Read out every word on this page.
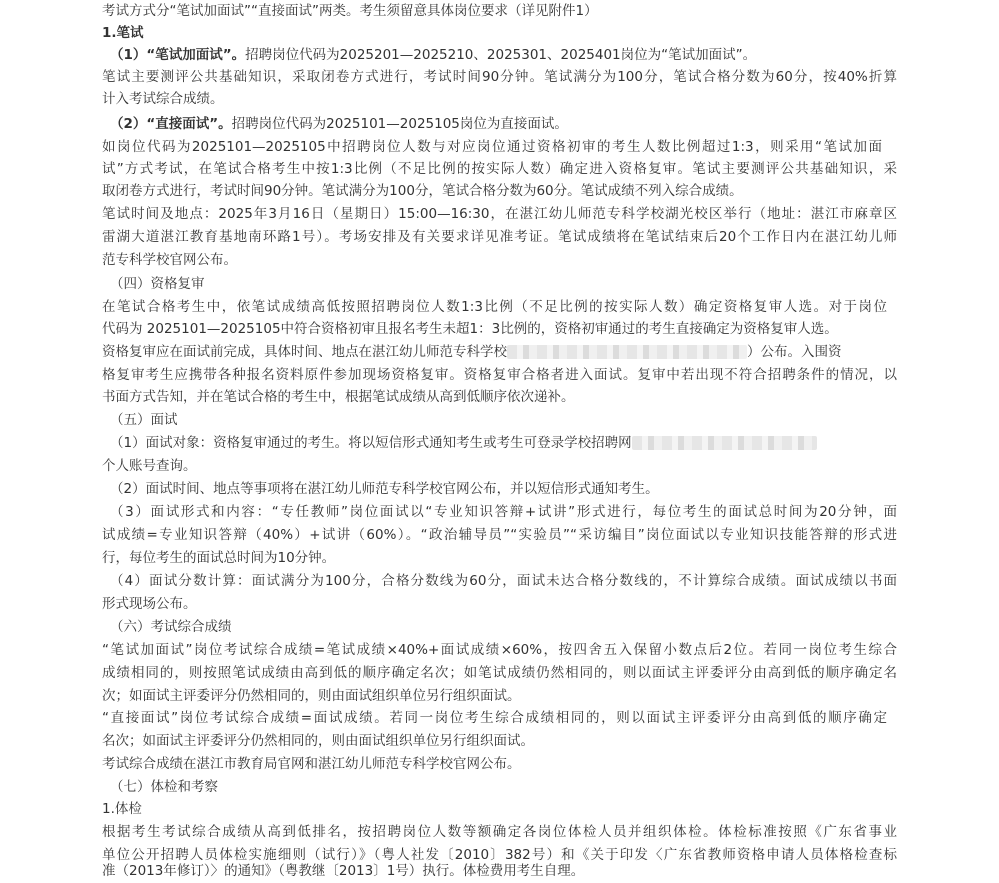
考试方式分“笔试加面试”“直接面试”两类。考生须留意具体岗位要求（详见附件1）
1.笔试
（1）“笔试加面试”。招聘岗位代码为2025201—2025210、2025301、2025401岗位为“笔试加面试”。
笔试主要测评公共基础知识，采取闭卷方式进行，考试时间90分钟。笔试满分为100分，笔试合格分数为60分，按40%折算
计入考试综合成绩。
（2）“直接面试”。招聘岗位代码为2025101—2025105岗位为直接面试。
如岗位代码为2025101—2025105中招聘岗位人数与对应岗位通过资格初审的考生人数比例超过1:3，则采用“笔试加面
试”方式考试，在笔试合格考生中按1:3比例（不足比例的按实际人数）确定进入资格复审。笔试主要测评公共基础知识，采
取闭卷方式进行，考试时间90分钟。笔试满分为100分，笔试合格分数为60分。笔试成绩不列入综合成绩。
笔试时间及地点：2025年3月16日（星期日）15:00—16:30，在湛江幼儿师范专科学校湖光校区举行（地址：湛江市麻章区
雷湖大道湛江教育基地南环路1号）。考场安排及有关要求详见准考证。笔试成绩将在笔试结束后20个工作日内在湛江幼儿师
范专科学校官网公布。
（四）资格复审
在笔试合格考生中，依笔试成绩高低按照招聘岗位人数1:3比例（不足比例的按实际人数）确定资格复审人选。对于岗位
代码为 2025101—2025105中符合资格初审且报名考生未超1：3比例的，资格初审通过的考生直接确定为资格复审人选。
资格复审应在面试前完成，具体时间、地点在湛江幼儿师范专科学校	）公布。入围资
格复审考生应携带各种报名资料原件参加现场资格复审。资格复审合格者进入面试。复审中若出现不符合招聘条件的情况，以
书面方式告知，并在笔试合格的考生中，根据笔试成绩从高到低顺序依次递补。
（五）面试
（1）面试对象：资格复审通过的考生。将以短信形式通知考生或考生可登录学校招聘网
个人账号查询。
（2）面试时间、地点等事项将在湛江幼儿师范专科学校官网公布，并以短信形式通知考生。
（3）面试形式和内容：“专任教师”岗位面试以“专业知识答辩+试讲”形式进行，每位考生的面试总时间为20分钟，面
试成绩=专业知识答辩（40%）+试讲（60%）。“政治辅导员”“实验员”“采访编目”岗位面试以专业知识技能答辩的形式进
行，每位考生的面试总时间为10分钟。
（4）面试分数计算：面试满分为100分，合格分数线为60分，面试未达合格分数线的，不计算综合成绩。面试成绩以书面
形式现场公布。
（六）考试综合成绩
“笔试加面试”岗位考试综合成绩=笔试成绩×40%+面试成绩×60%，按四舍五入保留小数点后2位。若同一岗位考生综合
成绩相同的，则按照笔试成绩由高到低的顺序确定名次；如笔试成绩仍然相同的，则以面试主评委评分由高到低的顺序确定名
次；如面试主评委评分仍然相同的，则由面试组织单位另行组织面试。
“直接面试”岗位考试综合成绩=面试成绩。若同一岗位考生综合成绩相同的，则以面试主评委评分由高到低的顺序确定
名次；如面试主评委评分仍然相同的，则由面试组织单位另行组织面试。
考试综合成绩在湛江市教育局官网和湛江幼儿师范专科学校官网公布。
（七）体检和考察
1.体检
根据考生考试综合成绩从高到低排名，按招聘岗位人数等额确定各岗位体检人员并组织体检。体检标准按照《广东省事业
单位公开招聘人员体检实施细则（试行）》（粤人社发〔2010〕382号）和《关于印发〈广东省教师资格申请人员体格检查标
准（2013年修订）〉的通知》（粤教继〔2013〕1号）执行。体检费用考生自理。
